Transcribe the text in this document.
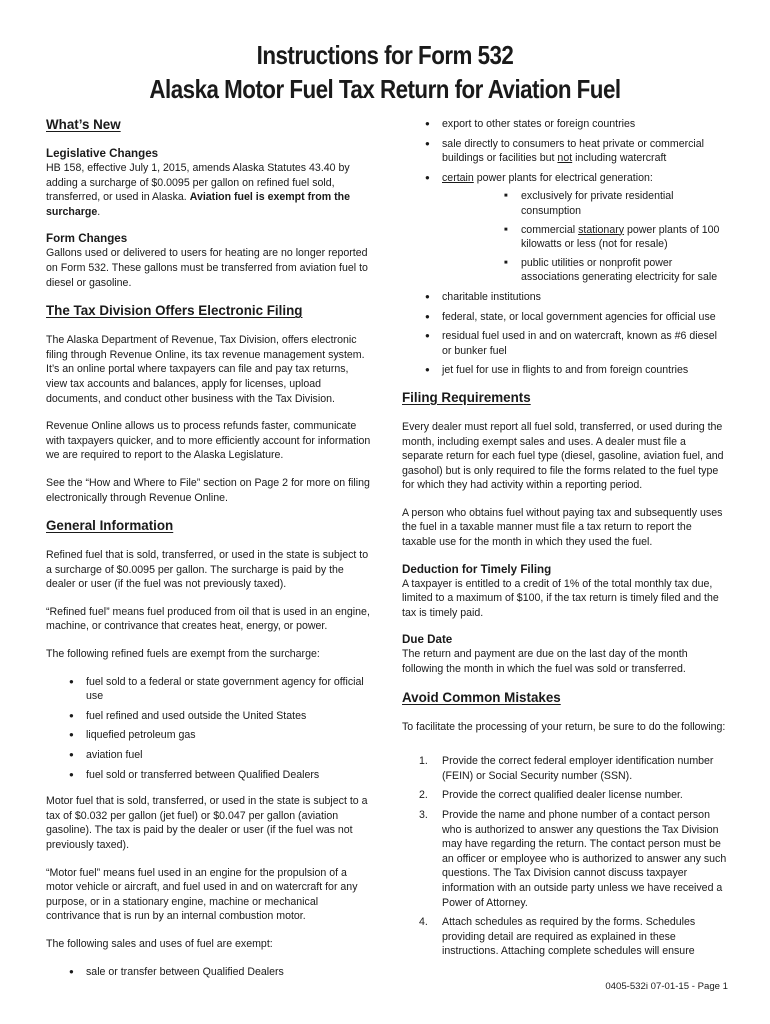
Instructions for Form 532
Alaska Motor Fuel Tax Return for Aviation Fuel
What’s New
Legislative Changes

HB 158, effective July 1, 2015, amends Alaska Statutes 43.40 by adding a surcharge of $0.0095 per gallon on refined fuel sold, transferred, or used in Alaska. Aviation fuel is exempt from the surcharge.

Form Changes

Gallons used or delivered to users for heating are no longer reported on Form 532. These gallons must be transferred from aviation fuel to diesel or gasoline.

The Tax Division Offers Electronic Filing

The Alaska Department of Revenue, Tax Division, offers electronic filing through Revenue Online, its tax revenue management system. It’s an online portal where taxpayers can file and pay tax returns, view tax accounts and balances, apply for licenses, upload documents, and conduct other business with the Tax Division.

Revenue Online allows us to process refunds faster, communicate with taxpayers quicker, and to more efficiently account for information we are required to report to the Alaska Legislature.

See the “How and Where to File” section on Page 2 for more on filing electronically through Revenue Online.

General Information

Refined fuel that is sold, transferred, or used in the state is subject to a surcharge of $0.0095 per gallon. The surcharge is paid by the dealer or user (if the fuel was not previously taxed).

“Refined fuel” means fuel produced from oil that is used in an engine, machine, or contrivance that creates heat, energy, or power.

The following refined fuels are exempt from the surcharge:

● fuel sold to a federal or state government agency for official use
● fuel refined and used outside the United States
● liquefied petroleum gas
● aviation fuel
● fuel sold or transferred between Qualified Dealers

Motor fuel that is sold, transferred, or used in the state is subject to a tax of $0.032 per gallon (jet fuel) or $0.047 per gallon (aviation gasoline). The tax is paid by the dealer or user (if the fuel was not previously taxed).

“Motor fuel” means fuel used in an engine for the propulsion of a motor vehicle or aircraft, and fuel used in and on watercraft for any purpose, or in a stationary engine, machine or mechanical contrivance that is run by an internal combustion motor.

The following sales and uses of fuel are exempt:

● sale or transfer between Qualified Dealers
● export to other states or foreign countries
● sale directly to consumers to heat private or commercial buildings or facilities but not including watercraft
● certain power plants for electrical generation:
■ exclusively for private residential consumption
■ commercial stationary power plants of 100 kilowatts or less (not for resale)
■ public utilities or nonprofit power associations generating electricity for sale
● charitable institutions
● federal, state, or local government agencies for official use
● residual fuel used in and on watercraft, known as #6 diesel or bunker fuel
● jet fuel for use in flights to and from foreign countries
Filing Requirements

Every dealer must report all fuel sold, transferred, or used during the month, including exempt sales and uses. A dealer must file a separate return for each fuel type (diesel, gasoline, aviation fuel, and gasohol) but is only required to file the forms related to the fuel type for which they had activity within a reporting period.

A person who obtains fuel without paying tax and subsequently uses the fuel in a taxable manner must file a tax return to report the taxable use for the month in which they used the fuel.

Deduction for Timely Filing

A taxpayer is entitled to a credit of 1% of the total monthly tax due, limited to a maximum of $100, if the tax return is timely filed and the tax is timely paid.

Due Date

The return and payment are due on the last day of the month following the month in which the fuel was sold or transferred.

Avoid Common Mistakes

To facilitate the processing of your return, be sure to do the following:

1. Provide the correct federal employer identification number (FEIN) or Social Security number (SSN).
2. Provide the correct qualified dealer license number.
3. Provide the name and phone number of a contact person who is authorized to answer any questions the Tax Division may have regarding the return. The contact person must be an officer or employee who is authorized to answer any such questions. The Tax Division cannot discuss taxpayer information with an outside party unless we have received a Power of Attorney.
4. Attach schedules as required by the forms. Schedules providing detail are required as explained in these instructions. Attaching complete schedules will ensure
0405-532i 07-01-15 - Page 1
